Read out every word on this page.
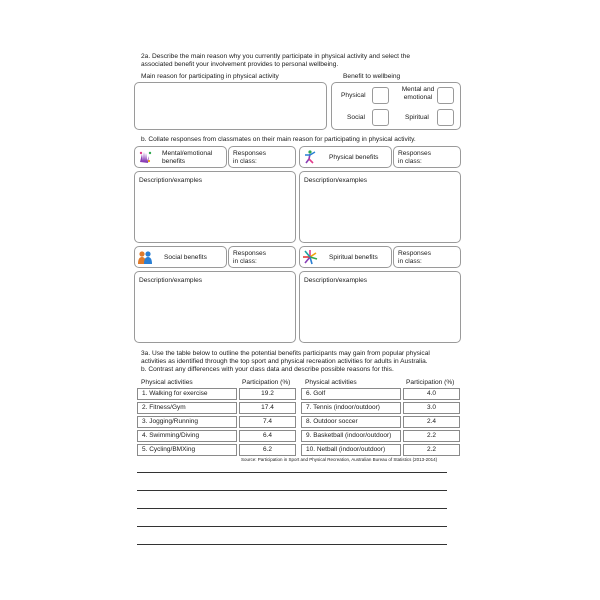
2a. Describe the main reason why you currently participate in physical activity and select the
associated benefit your involvement provides to personal wellbeing.
Main reason for participating in physical activity	Benefit to wellbeing
Physical
Mental and
emotional
Social	Spiritual
b. Collate responses from classmates on their main reason for participating in physical activity.
Mental/emotional
benefits
Responses
in class:
Description/examples
Physical benefits
Responses
in class:
Description/examples
Social benefits
Responses
in class:
Description/examples
Spiritual benefits
Responses
in class:
Description/examples
3a. Use the table below to outline the potential benefits participants may gain from popular physical
activities as identified through the top sport and physical recreation activities for adults in Australia.
b. Contrast any differences with your class data and describe possible reasons for this.
Physical activities	Participation (%)
1. Walking for exercise	19.2
2. Fitness/Gym	17.4
3. Jogging/Running	7.4
4. Swimming/Diving	6.4
5. Cycling/BMXing	6.2
Physical activities	Participation (%)
6. Golf	4.0
7. Tennis (indoor/outdoor)	3.0
8. Outdoor soccer	2.4
9. Basketball (indoor/outdoor)	2.2
10. Netball (indoor/outdoor)	2.2
Source: Participation in Sport and Physical Recreation, Australian Bureau of Statistics (2013-2014)
